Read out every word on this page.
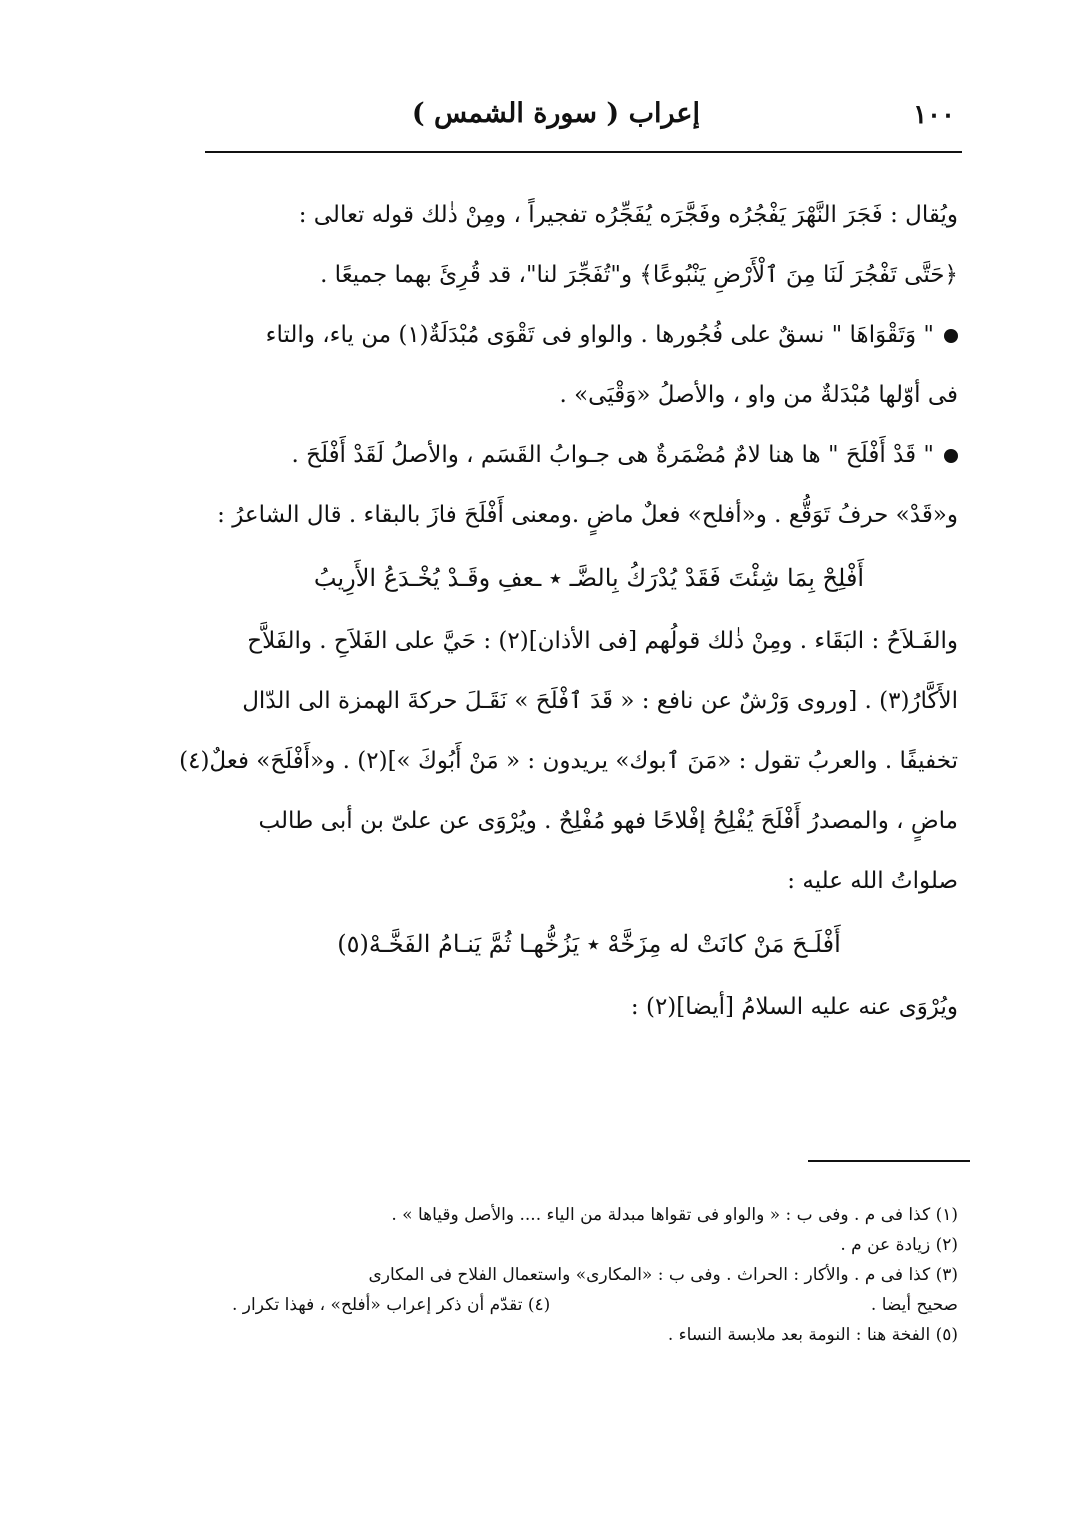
١٠٠
إعراب ( سورة الشمس )
ويُقال : فَجَرَ النَّهْرَ يَفْجُرُه وفَجَّرَه يُفَجِّرُه تفجيراً ، ومِنْ ذٰلك قوله تعالى :
﴿حَتَّى تَفْجُرَ لَنَا مِنَ ٱلْأَرْضِ يَنْبُوعًا﴾ و"تُفَجِّرَ لنا"، قد قُرِئَ بهما جميعًا .
" وَتَقْوَاهَا " نسقٌ على فُجُورها . والواو فى تَقْوَى مُبْدَلَةٌ(١) من ياء، والتاء
فى أوّلها مُبْدَلةٌ من واو ، والأصلُ «وَقْيَى» .
" قَدْ أَفْلَحَ " ها هنا لامٌ مُضْمَرةٌ هى جـوابُ القَسَم ، والأصلُ لَقَدْ أَفْلَحَ .
و«قَدْ» حرفُ تَوَقُّع . و«أفلح» فعلٌ ماضٍ .ومعنى أَفْلَحَ فازَ بالبقاء . قال الشاعرُ :
أَفْلِحْ بِمَا شِئْتَ فَقَدْ يُدْرَكُ بِالضَّـ ٭ ـعفِ وقَـدْ يُخْـدَعُ الأَرِيبُ
والفَـلاَحُ : البَقَاء . ومِنْ ذٰلك قولُهم [فى الأذان](٢) : حَيَّ على الفَلاَحِ . والفَلاَّح
الأَكَّارُ(٣) . [وروى وَرْشٌ عن نافع : « قَدَ ٱفْلَحَ » نَقَـلَ حركةَ الهمزة الى الدّال
تخفيفًا . والعربُ تقول : «مَنَ ٱبوك» يريدون : « مَنْ أَبُوكَ »](٢) . و«أَفْلَحَ» فعلٌ(٤)
ماضٍ ، والمصدرُ أَفْلَحَ يُفْلِحُ إفْلاحًا فهو مُفْلِحٌ . ويُرْوَى عن علىّ بن أبى طالب
صلواتُ الله عليه :
أَفْلَـحَ مَنْ كانَتْ له مِزَخَّهْ ٭ يَزُخُّهـا ثُمَّ يَنـامُ الفَخَّـهْ(٥)
ويُرْوَى عنه عليه السلامُ [أيضا](٢) :
(١) كذا فى م . وفى ب : « والواو فى تقواها مبدلة من الياء .... والأصل وقياها » .
(٢) زيادة عن م .
(٣) كذا فى م . والأكار : الحراث . وفى ب : «المكارى» واستعمال الفلاح فى المكارى
صحيح أيضا .
(٤) تقدّم أن ذكر إعراب «أفلح» ، فهذا تكرار .
(٥) الفخة هنا : النومة بعد ملابسة النساء .
